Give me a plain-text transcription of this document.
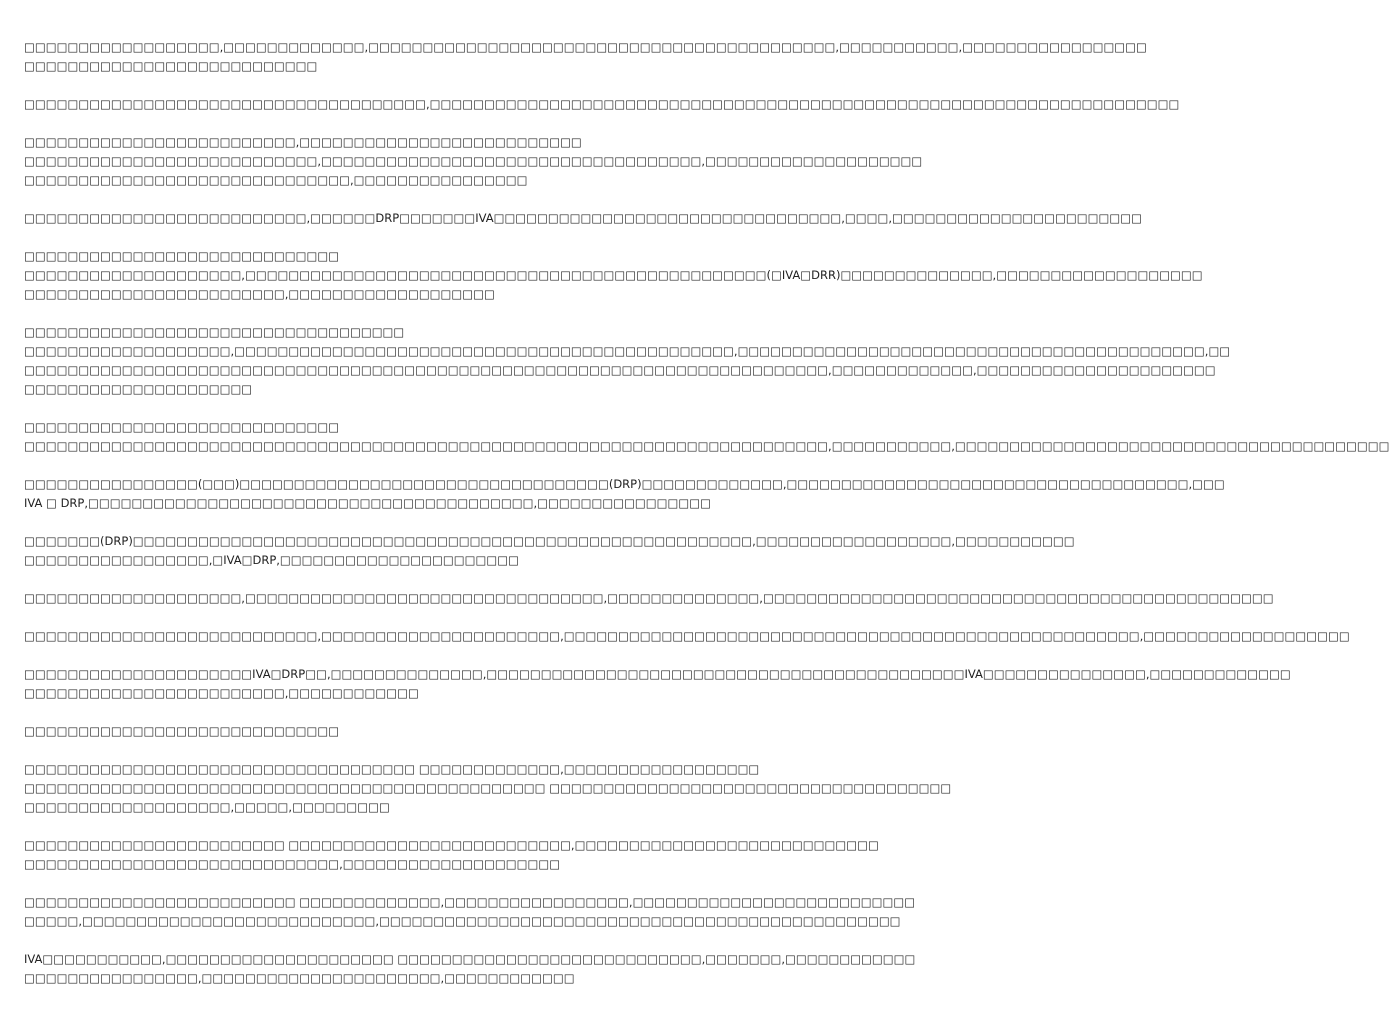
□□□□□□□□□□□□□□□□□□,□□□□□□□□□□□□□,□□□□□□□□□□□□□□□□□□□□□□□□□□□□□□□□□□□□□□□□□□□,□□□□□□□□□□□,□□□□□□□□□□□□□□□□□
□□□□□□□□□□□□□□□□□□□□□□□□□□□
□□□□□□□□□□□□□□□□□□□□□□□□□□□□□□□□□□□□□,□□□□□□□□□□□□□□□□□□□□□□□□□□□□□□□□□□□□□□□□□□□□□□□□□□□□□□□□□□□□□□□□□□□□□
□□□□□□□□□□□□□□□□□□□□□□□□□,□□□□□□□□□□□□□□□□□□□□□□□□□□
□□□□□□□□□□□□□□□□□□□□□□□□□□□,□□□□□□□□□□□□□□□□□□□□□□□□□□□□□□□□□□□,□□□□□□□□□□□□□□□□□□□□
□□□□□□□□□□□□□□□□□□□□□□□□□□□□□□,□□□□□□□□□□□□□□□□
□□□□□□□□□□□□□□□□□□□□□□□□□□,□□□□□□DRP□□□□□□□IVA□□□□□□□□□□□□□□□□□□□□□□□□□□□□□□□□,□□□□,□□□□□□□□□□□□□□□□□□□□□□□
□□□□□□□□□□□□□□□□□□□□□□□□□□□□□
□□□□□□□□□□□□□□□□□□□□,□□□□□□□□□□□□□□□□□□□□□□□□□□□□□□□□□□□□□□□□□□□□□□□□(□IVA□DRR)□□□□□□□□□□□□□□,□□□□□□□□□□□□□□□□□□□
□□□□□□□□□□□□□□□□□□□□□□□□,□□□□□□□□□□□□□□□□□□□
□□□□□□□□□□□□□□□□□□□□□□□□□□□□□□□□□□□
□□□□□□□□□□□□□□□□□□□,□□□□□□□□□□□□□□□□□□□□□□□□□□□□□□□□□□□□□□□□□□□□□□,□□□□□□□□□□□□□□□□□□□□□□□□□□□□□□□□□□□□□□□□□□□,□□
□□□□□□□□□□□□□□□□□□□□□□□□□□□□□□□□□□□□□□□□□□□□□□□□□□□□□□□□□□□□□□□□□□□□□□□□□□,□□□□□□□□□□□□□,□□□□□□□□□□□□□□□□□□□□□□
□□□□□□□□□□□□□□□□□□□□□
□□□□□□□□□□□□□□□□□□□□□□□□□□□□□
□□□□□□□□□□□□□□□□□□□□□□□□□□□□□□□□□□□□□□□□□□□□□□□□□□□□□□□□□□□□□□□□□□□□□□□□□□,□□□□□□□□□□□,□□□□□□□□□□□□□□□□□□□□□□□□□□□□□□□□□□□□□□□□
□□□□□□□□□□□□□□□□(□□□)□□□□□□□□□□□□□□□□□□□□□□□□□□□□□□□□□□(DRP)□□□□□□□□□□□□□,□□□□□□□□□□□□□□□□□□□□□□□□□□□□□□□□□□□□□,□□□
IVA □ DRP,□□□□□□□□□□□□□□□□□□□□□□□□□□□□□□□□□□□□□□□□□,□□□□□□□□□□□□□□□□
□□□□□□□(DRP)□□□□□□□□□□□□□□□□□□□□□□□□□□□□□□□□□□□□□□□□□□□□□□□□□□□□□□□□□,□□□□□□□□□□□□□□□□□□,□□□□□□□□□□□
□□□□□□□□□□□□□□□□□,□IVA□DRP,□□□□□□□□□□□□□□□□□□□□□□
□□□□□□□□□□□□□□□□□□□□,□□□□□□□□□□□□□□□□□□□□□□□□□□□□□□□□□,□□□□□□□□□□□□□□,□□□□□□□□□□□□□□□□□□□□□□□□□□□□□□□□□□□□□□□□□□□□□□□
□□□□□□□□□□□□□□□□□□□□□□□□□□□,□□□□□□□□□□□□□□□□□□□□□□,□□□□□□□□□□□□□□□□□□□□□□□□□□□□□□□□□□□□□□□□□□□□□□□□□□□□□,□□□□□□□□□□□□□□□□□□□
□□□□□□□□□□□□□□□□□□□□□IVA□DRP□□,□□□□□□□□□□□□□□,□□□□□□□□□□□□□□□□□□□□□□□□□□□□□□□□□□□□□□□□□□□□IVA□□□□□□□□□□□□□□□,□□□□□□□□□□□□□
□□□□□□□□□□□□□□□□□□□□□□□□,□□□□□□□□□□□□
□□□□□□□□□□□□□□□□□□□□□□□□□□□□□
□□□□□□□□□□□□□□□□□□□□□□□□□□□□□□□□□□□□ □□□□□□□□□□□□□,□□□□□□□□□□□□□□□□□□
□□□□□□□□□□□□□□□□□□□□□□□□□□□□□□□□□□□□□□□□□□□□□□□□ □□□□□□□□□□□□□□□□□□□□□□□□□□□□□□□□□□□□□
□□□□□□□□□□□□□□□□□□□,□□□□□,□□□□□□□□□
□□□□□□□□□□□□□□□□□□□□□□□□ □□□□□□□□□□□□□□□□□□□□□□□□□□,□□□□□□□□□□□□□□□□□□□□□□□□□□□□
□□□□□□□□□□□□□□□□□□□□□□□□□□□□□,□□□□□□□□□□□□□□□□□□□□
□□□□□□□□□□□□□□□□□□□□□□□□□ □□□□□□□□□□□□□,□□□□□□□□□□□□□□□□□,□□□□□□□□□□□□□□□□□□□□□□□□□□
□□□□□,□□□□□□□□□□□□□□□□□□□□□□□□□□□,□□□□□□□□□□□□□□□□□□□□□□□□□□□□□□□□□□□□□□□□□□□□□□□□
IVA□□□□□□□□□□□,□□□□□□□□□□□□□□□□□□□□□ □□□□□□□□□□□□□□□□□□□□□□□□□□□□,□□□□□□□,□□□□□□□□□□□□
□□□□□□□□□□□□□□□□,□□□□□□□□□□□□□□□□□□□□□□,□□□□□□□□□□□□
